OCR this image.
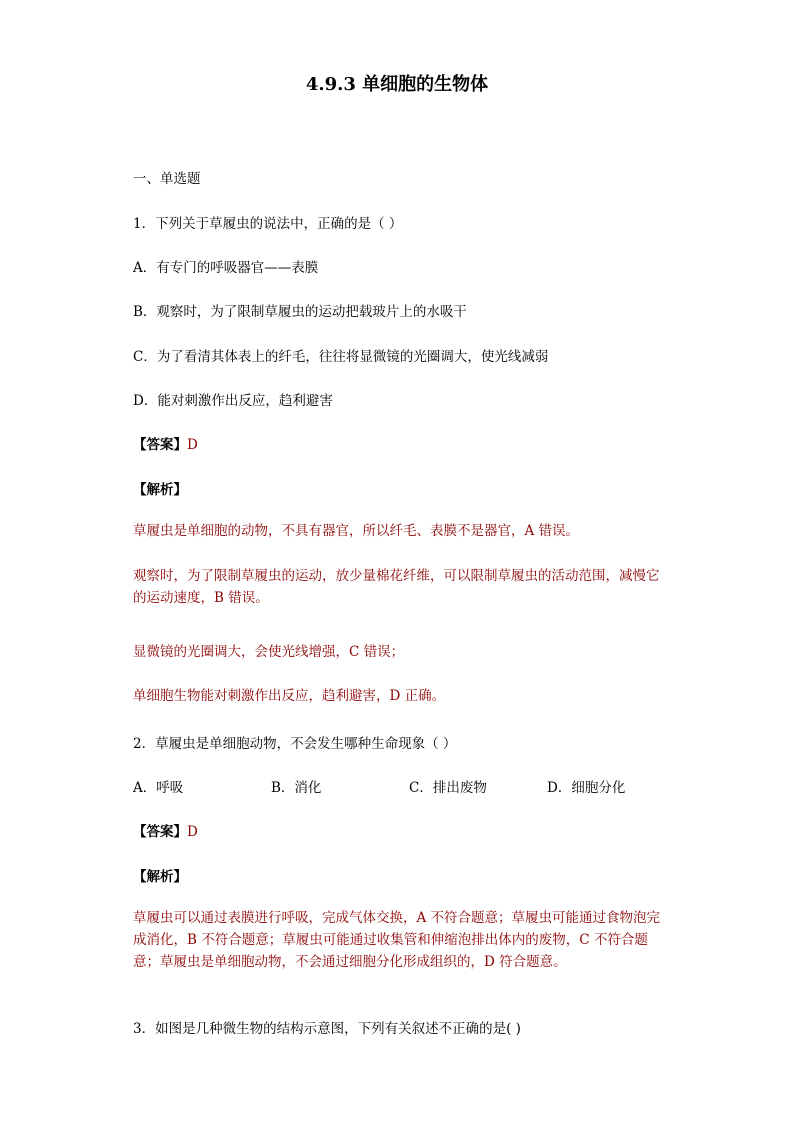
4.9.3 单细胞的生物体
一、单选题
1．下列关于草履虫的说法中，正确的是（ ）
A．有专门的呼吸器官——表膜
B．观察时，为了限制草履虫的运动把载玻片上的水吸干
C．为了看清其体表上的纤毛，往往将显微镜的光圈调大，使光线减弱
D．能对刺激作出反应，趋利避害
【答案】D
【解析】
草履虫是单细胞的动物，不具有器官，所以纤毛、表膜不是器官，A 错误。
观察时，为了限制草履虫的运动，放少量棉花纤维，可以限制草履虫的活动范围，减慢它的运动速度，B 错误。
显微镜的光圈调大，会使光线增强，C 错误；
单细胞生物能对刺激作出反应，趋利避害，D 正确。
2．草履虫是单细胞动物，不会发生哪种生命现象（ ）
A．呼吸	B．消化	C．排出废物	D．细胞分化
【答案】D
【解析】
草履虫可以通过表膜进行呼吸，完成气体交换，A 不符合题意；草履虫可能通过食物泡完成消化，B 不符合题意；草履虫可能通过收集管和伸缩泡排出体内的废物，C 不符合题意；草履虫是单细胞动物，不会通过细胞分化形成组织的，D 符合题意。
3．如图是几种微生物的结构示意图，下列有关叙述不正确的是( )
